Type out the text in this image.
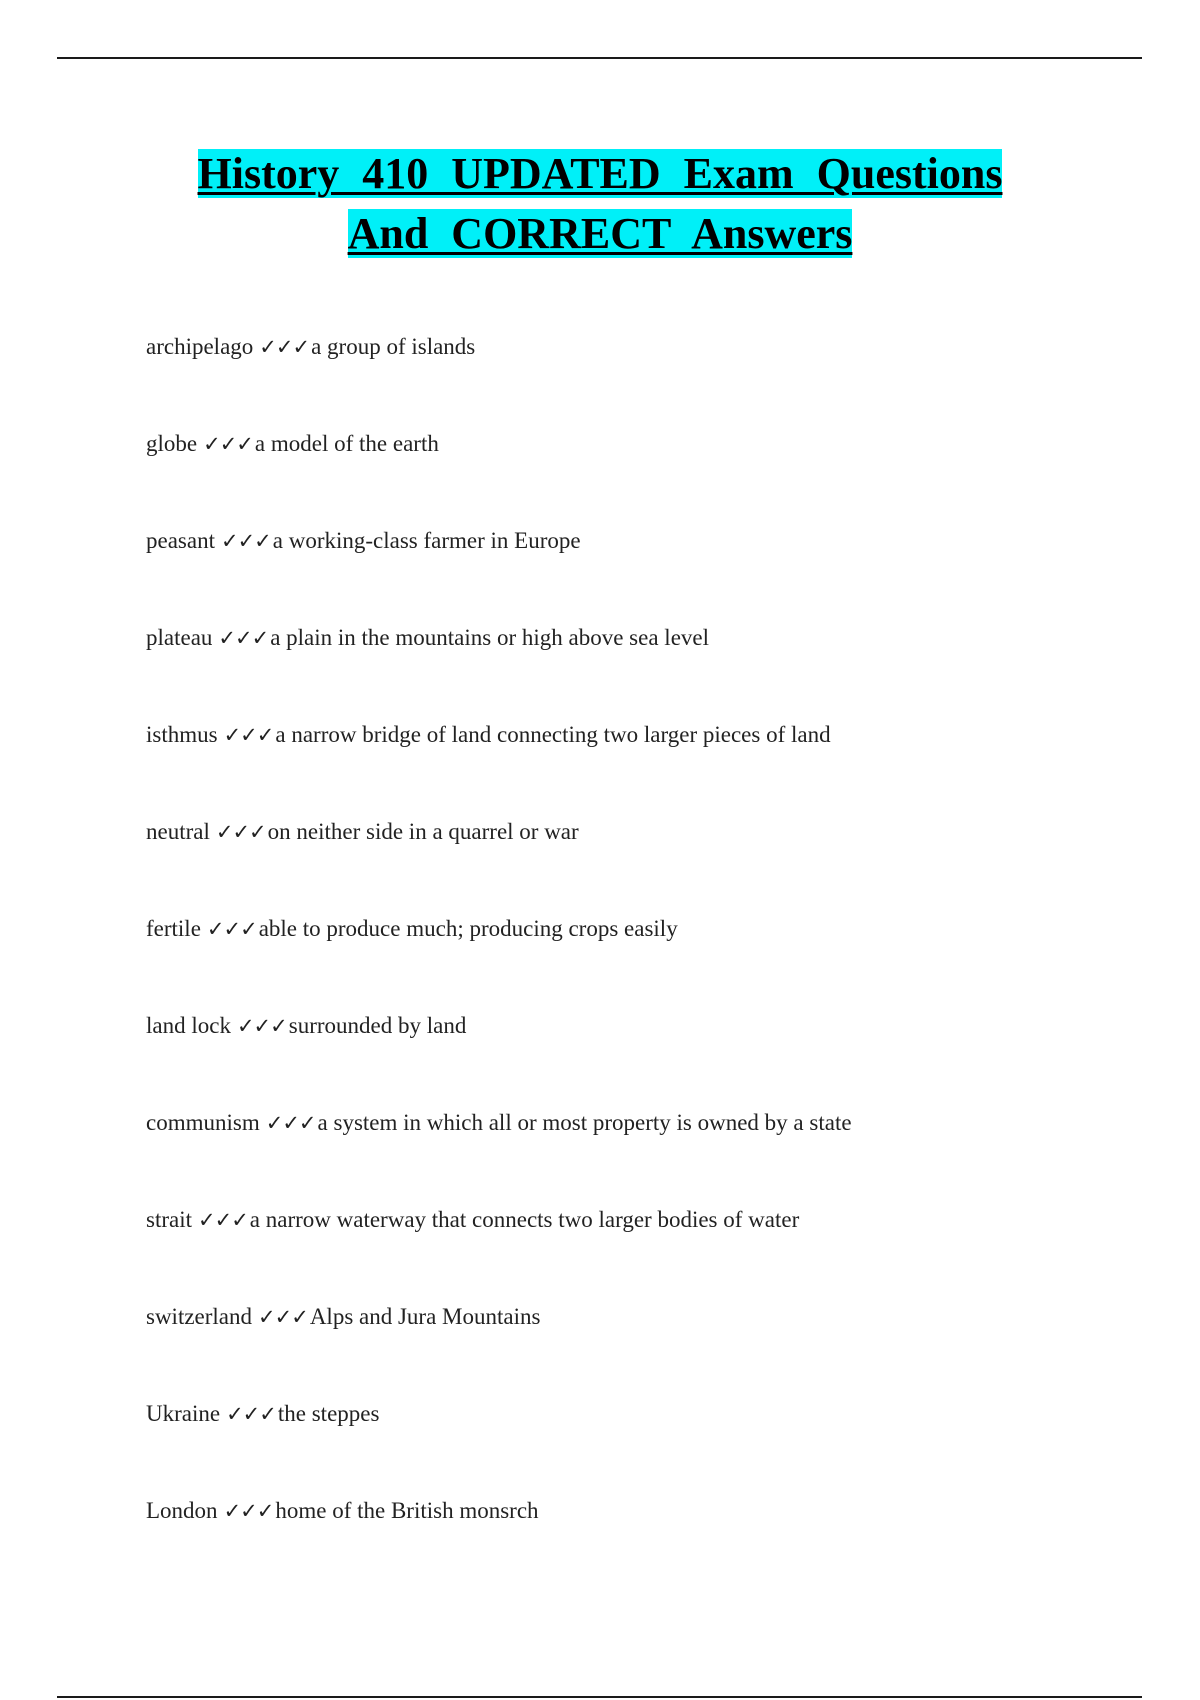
History 410 UPDATED Exam Questions
And CORRECT Answers
archipelago ✓✓✓a group of islands
globe ✓✓✓a model of the earth
peasant ✓✓✓a working-class farmer in Europe
plateau ✓✓✓a plain in the mountains or high above sea level
isthmus ✓✓✓a narrow bridge of land connecting two larger pieces of land
neutral ✓✓✓on neither side in a quarrel or war
fertile ✓✓✓able to produce much; producing crops easily
land lock ✓✓✓surrounded by land
communism ✓✓✓a system in which all or most property is owned by a state
strait ✓✓✓a narrow waterway that connects two larger bodies of water
switzerland ✓✓✓Alps and Jura Mountains
Ukraine ✓✓✓the steppes
London ✓✓✓home of the British monsrch
